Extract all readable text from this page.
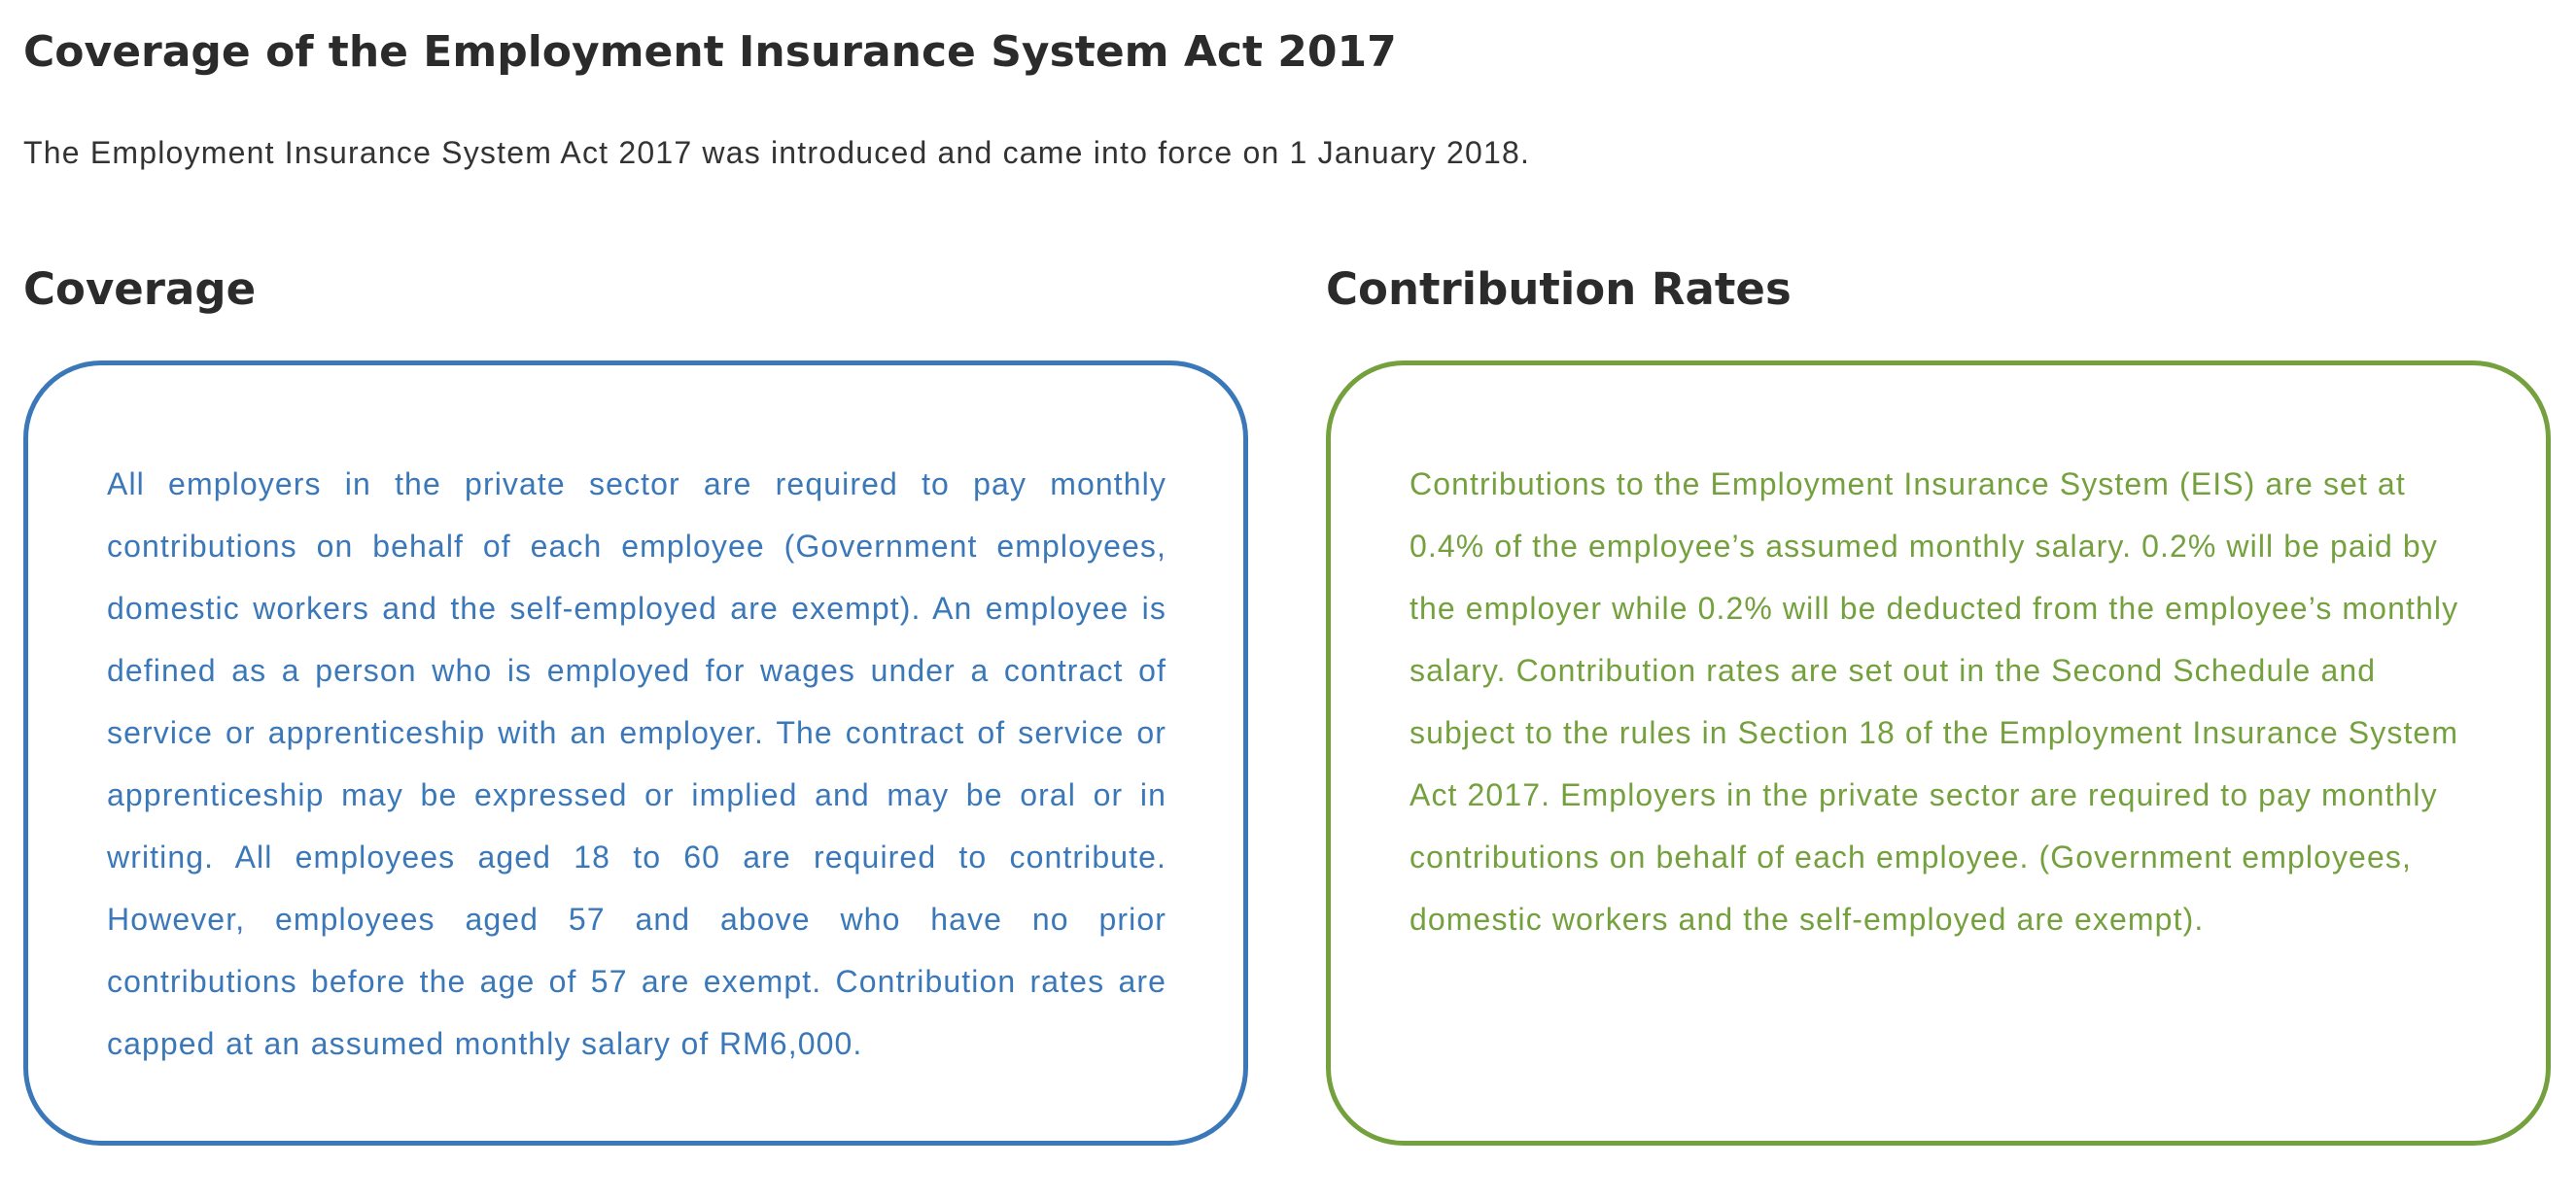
Coverage of the Employment Insurance System Act 2017

The Employment Insurance System Act 2017 was introduced and came into force on 1 January 2018.

Coverage	Contribution Rates

All employers in the private sector are required to pay monthly contributions on behalf of each employee (Government employees, domestic workers and the self-employed are exempt). An employee is defined as a person who is employed for wages under a contract of service or apprenticeship with an employer. The contract of service or apprenticeship may be expressed or implied and may be oral or in writing. All employees aged 18 to 60 are required to contribute. However, employees aged 57 and above who have no prior contributions before the age of 57 are exempt. Contribution rates are capped at an assumed monthly salary of RM6,000.

Contributions to the Employment Insurance System (EIS) are set at 0.4% of the employee’s assumed monthly salary. 0.2% will be paid by the employer while 0.2% will be deducted from the employee’s monthly salary. Contribution rates are set out in the Second Schedule and subject to the rules in Section 18 of the Employment Insurance System Act 2017. Employers in the private sector are required to pay monthly contributions on behalf of each employee. (Government employees, domestic workers and the self-employed are exempt).
